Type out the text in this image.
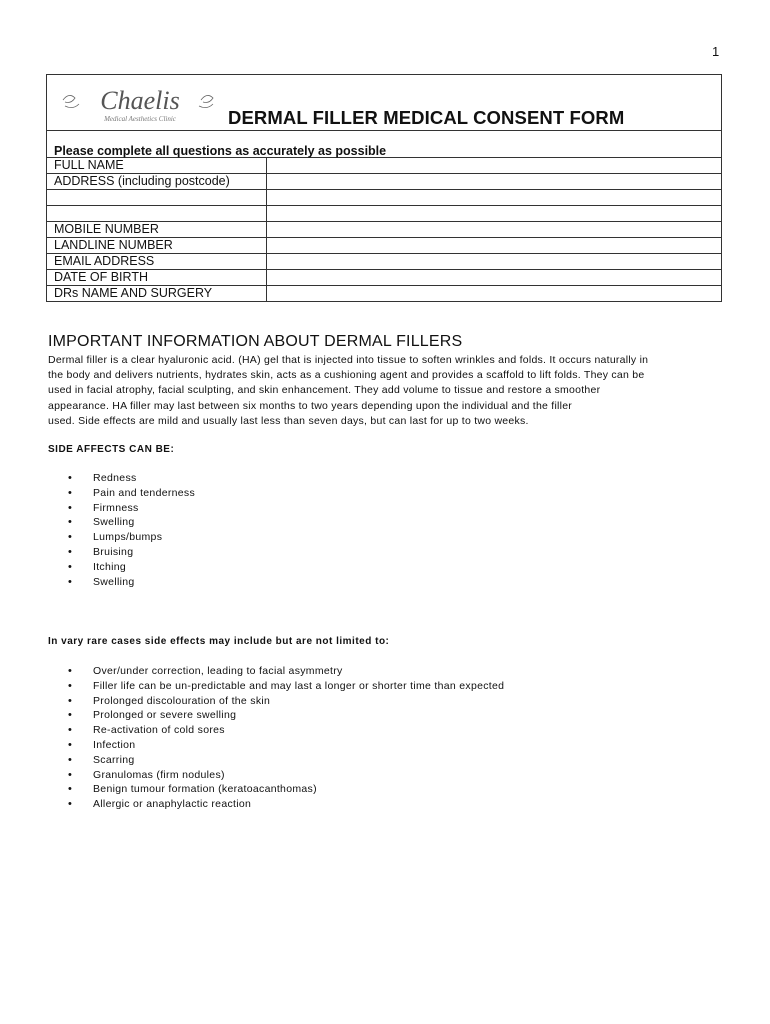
1
Chaelis
Medical Aesthetics Clinic	DERMAL FILLER MEDICAL CONSENT FORM
Please complete all questions as accurately as possible
FULL NAME	
ADDRESS (including postcode)	

MOBILE NUMBER	
LANDLINE NUMBER	
EMAIL ADDRESS	
DATE OF BIRTH	
DRs NAME AND SURGERY	
IMPORTANT INFORMATION ABOUT DERMAL FILLERS

Dermal filler is a clear hyaluronic acid. (HA) gel that is injected into tissue to soften wrinkles and folds. It occurs naturally in

the body and delivers nutrients, hydrates skin, acts as a cushioning agent and provides a scaffold to lift folds. They can be

used in facial atrophy, facial sculpting, and skin enhancement. They add volume to tissue and restore a smoother

appearance. HA filler may last between six months to two years depending upon the individual and the filler

used. Side effects are mild and usually last less than seven days, but can last for up to two weeks.

SIDE AFFECTS CAN BE:
• Redness
• Pain and tenderness
• Firmness
• Swelling
• Lumps/bumps
• Bruising
• Itching
• Swelling
In vary rare cases side effects may include but are not limited to:
• Over/under correction, leading to facial asymmetry
• Filler life can be un-predictable and may last a longer or shorter time than expected
• Prolonged discolouration of the skin
• Prolonged or severe swelling
• Re-activation of cold sores
• Infection
• Scarring
• Granulomas (firm nodules)
• Benign tumour formation (keratoacanthomas)
• Allergic or anaphylactic reaction
